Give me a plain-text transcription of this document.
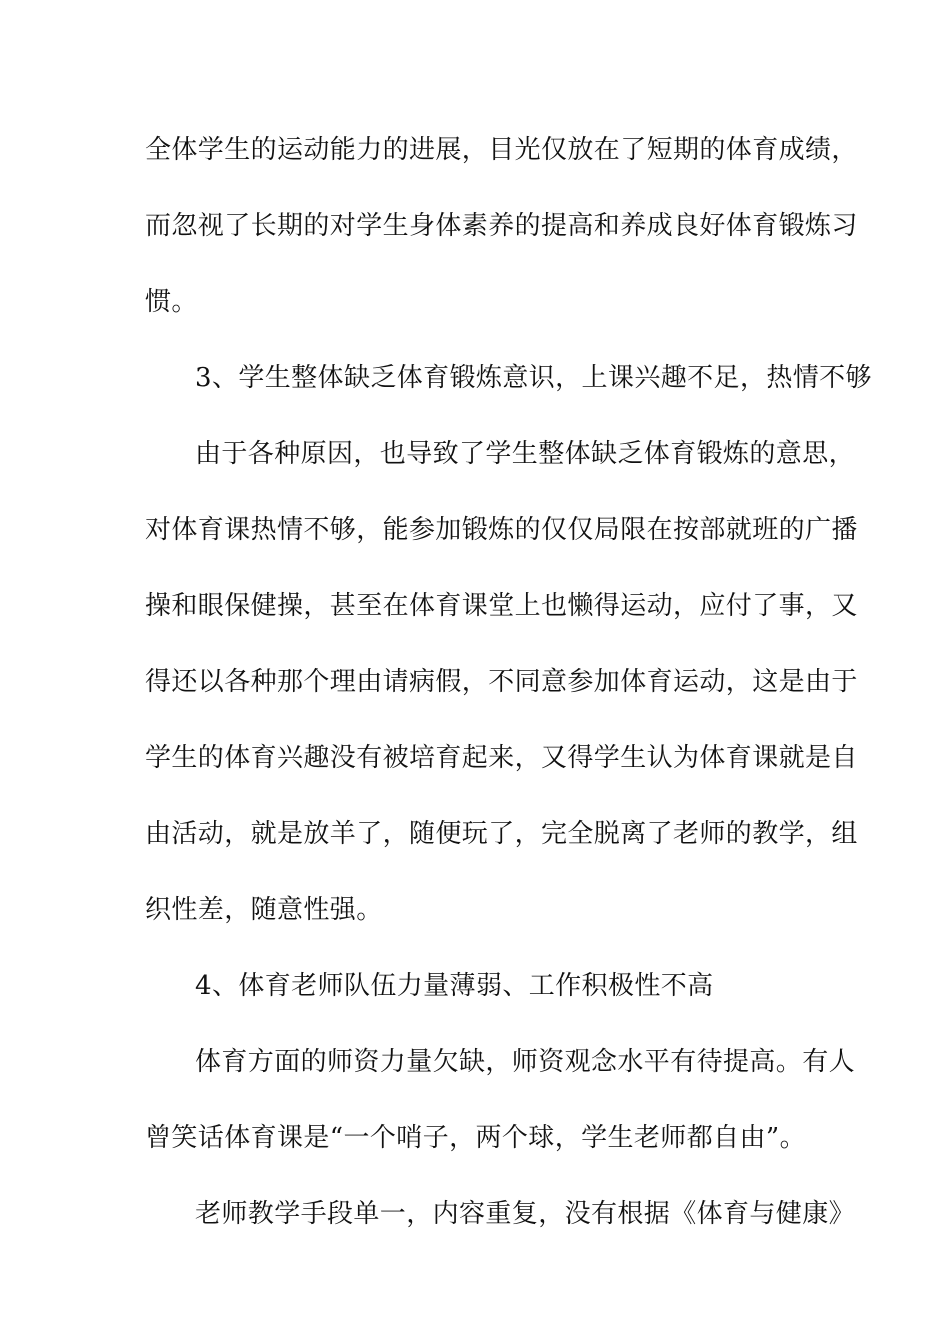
全体学生的运动能力的进展，目光仅放在了短期的体育成绩，
而忽视了长期的对学生身体素养的提高和养成良好体育锻炼习
惯。
3、学生整体缺乏体育锻炼意识，上课兴趣不足，热情不够
由于各种原因，也导致了学生整体缺乏体育锻炼的意思，
对体育课热情不够，能参加锻炼的仅仅局限在按部就班的广播
操和眼保健操，甚至在体育课堂上也懒得运动，应付了事，又
得还以各种那个理由请病假，不同意参加体育运动，这是由于
学生的体育兴趣没有被培育起来，又得学生认为体育课就是自
由活动，就是放羊了，随便玩了，完全脱离了老师的教学，组
织性差，随意性强。
4、体育老师队伍力量薄弱、工作积极性不高
体育方面的师资力量欠缺，师资观念水平有待提高。有人
曾笑话体育课是“一个哨子，两个球，学生老师都自由”。
老师教学手段单一，内容重复，没有根据《体育与健康》
